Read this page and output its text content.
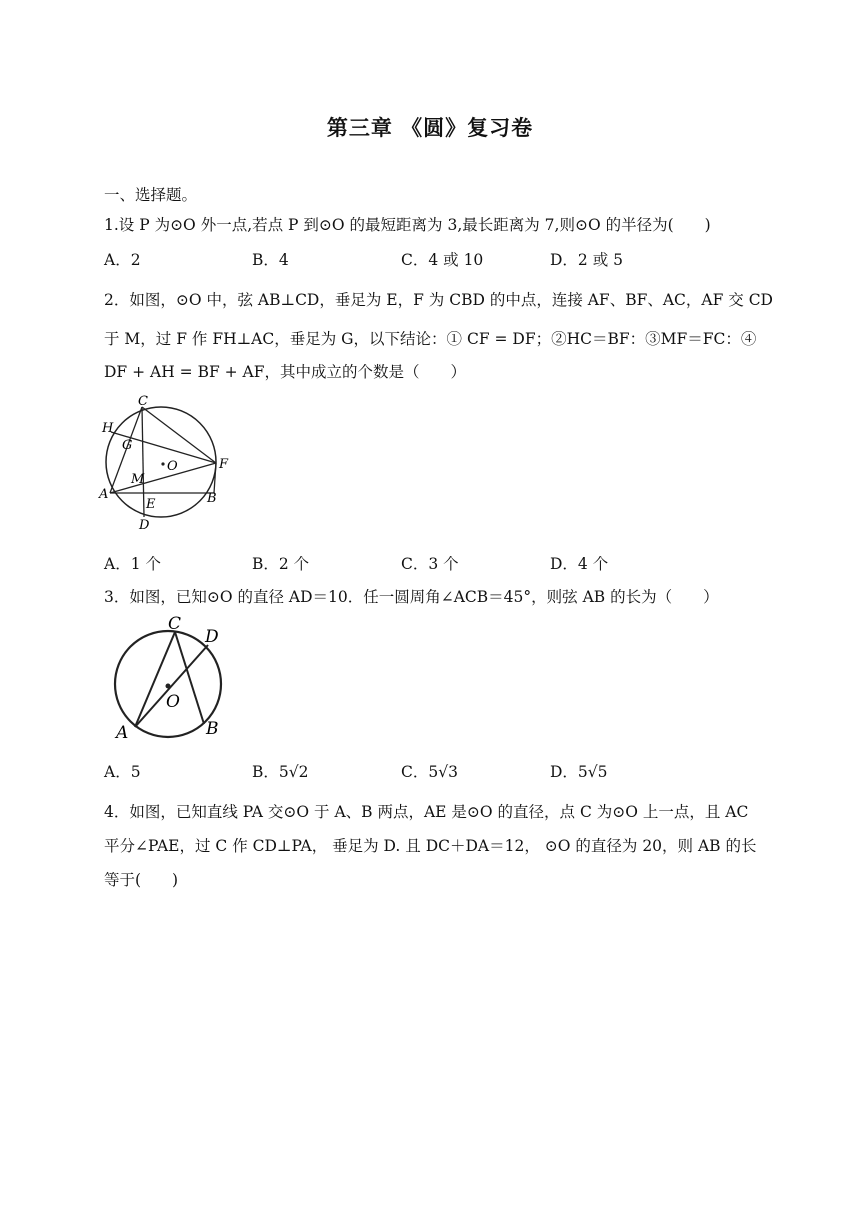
第三章 《圆》复习卷
一、选择题。
1.设 P 为⊙O 外一点,若点 P 到⊙O 的最短距离为 3,最长距离为 7,则⊙O 的半径为(　　)
A．2	B．4	C．4 或 10	D．2 或 5
2．如图，⊙O 中，弦 AB⊥CD，垂足为 E，F 为 CBD 的中点，连接 AF、BF、AC，AF 交 CD
于 M，过 F 作 FH⊥AC，垂足为 G，以下结论：① CF = DF；②HC＝BF：③MF＝FC：④
DF + AH = BF + AF，其中成立的个数是（　　）
C
H
G
O	F
M
A
E	B
D
A．1 个	B．2 个	C．3 个	D．4 个
3．如图，已知⊙O 的直径 AD＝10．任一圆周角∠ACB＝45°，则弦 AB 的长为（　　）
C
D
O
A	B
A．5	B．5√2	C．5√3	D．5√5
4．如图，已知直线 PA 交⊙O 于 A、B 两点，AE 是⊙O 的直径，点 C 为⊙O 上一点，且 AC
平分∠PAE，过 C 作 CD⊥PA， 垂足为 D. 且 DC＋DA＝12， ⊙O 的直径为 20，则 AB 的长
等于(　　)
